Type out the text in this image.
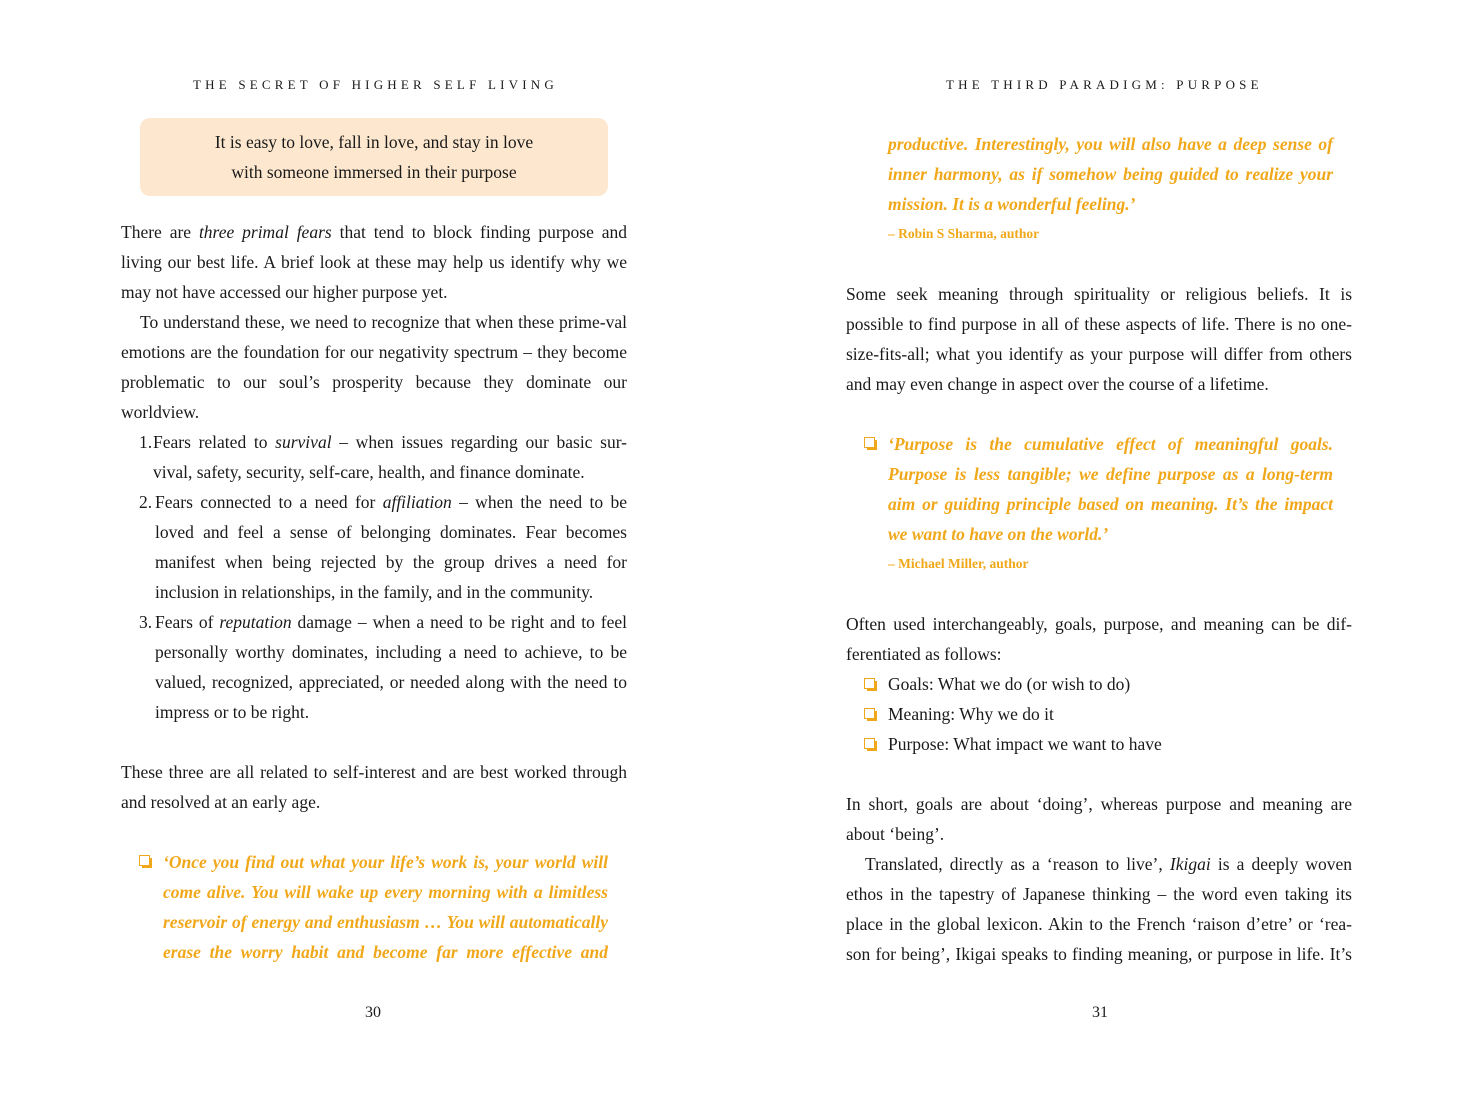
THE SECRET OF HIGHER SELF LIVING
It is easy to love, fall in love, and stay in love
with someone immersed in their purpose

There are three primal fears that tend to block finding purpose and living our best life. A brief look at these may help us identify why we may not have accessed our higher purpose yet.

To understand these, we need to recognize that when these prime-val emotions are the foundation for our negativity spectrum – they become problematic to our soul’s prosperity because they dominate our worldview.

1. Fears related to survival – when issues regarding our basic sur-vival, safety, security, self-care, health, and finance dominate.
2. Fears connected to a need for affiliation – when the need to be loved and feel a sense of belonging dominates. Fear becomes manifest when being rejected by the group drives a need for inclusion in relationships, in the family, and in the community.
3. Fears of reputation damage – when a need to be right and to feel personally worthy dominates, including a need to achieve, to be valued, recognized, appreciated, or needed along with the need to impress or to be right.

These three are all related to self-interest and are best worked through and resolved at an early age.

‘Once you find out what your life’s work is, your world will come alive. You will wake up every morning with a limitless reservoir of energy and enthusiasm … You will automatically erase the worry habit and become far more effective and
30
THE THIRD PARADIGM: PURPOSE
productive. Interestingly, you will also have a deep sense of inner harmony, as if somehow being guided to realize your mission. It is a wonderful feeling.’
– Robin S Sharma, author

Some seek meaning through spirituality or religious beliefs. It is possible to find purpose in all of these aspects of life. There is no one-size-fits-all; what you identify as your purpose will differ from others and may even change in aspect over the course of a lifetime.

‘Purpose is the cumulative effect of meaningful goals. Purpose is less tangible; we define purpose as a long-term aim or guiding principle based on meaning. It’s the impact we want to have on the world.’
– Michael Miller, author

Often used interchangeably, goals, purpose, and meaning can be dif-ferentiated as follows:

Goals: What we do (or wish to do)
Meaning: Why we do it
Purpose: What impact we want to have

In short, goals are about ‘doing’, whereas purpose and meaning are about ‘being’.

Translated, directly as a ‘reason to live’, Ikigai is a deeply woven ethos in the tapestry of Japanese thinking – the word even taking its place in the global lexicon. Akin to the French ‘raison d’etre’ or ‘rea-son for being’, Ikigai speaks to finding meaning, or purpose in life. It’s

31
